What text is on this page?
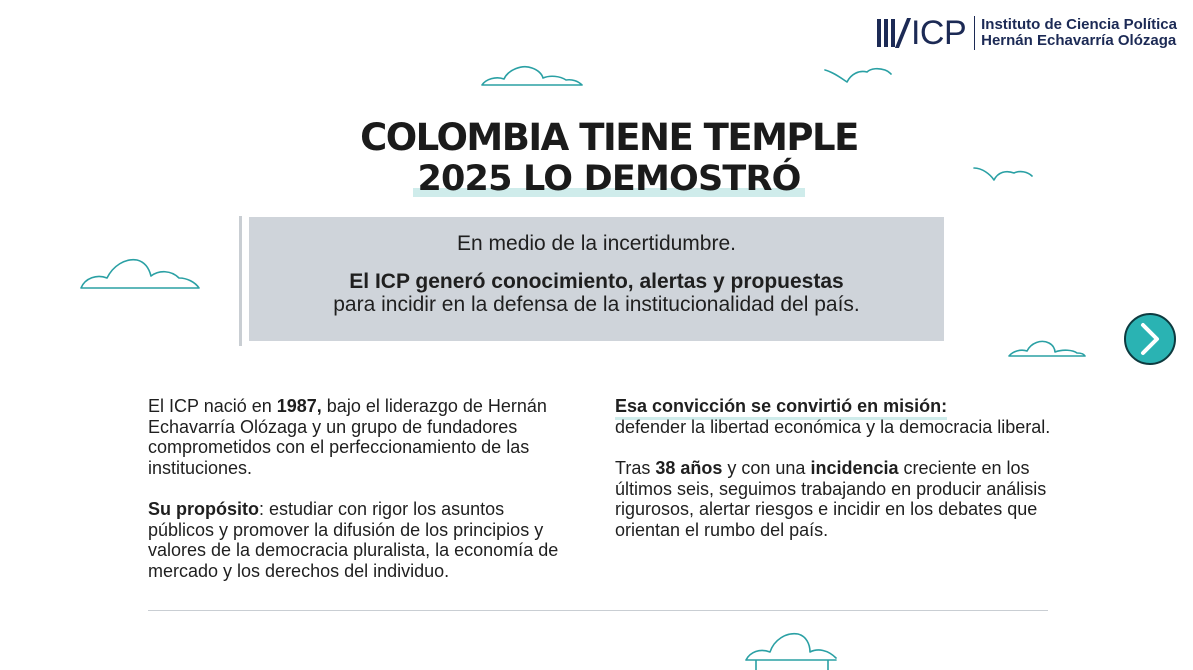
ICP	Instituto de Ciencia Política
Hernán Echavarría Olózaga
COLOMBIA TIENE TEMPLE
2025 LO DEMOSTRÓ
En medio de la incertidumbre.
El ICP generó conocimiento, alertas y propuestas
para incidir en la defensa de la institucionalidad del país.

El ICP nació en 1987, bajo el liderazgo de Hernán Echavarría Olózaga y un grupo de fundadores comprometidos con el perfeccionamiento de las instituciones.

Su propósito: estudiar con rigor los asuntos públicos y promover la difusión de los principios y valores de la democracia pluralista, la economía de mercado y los derechos del individuo.

Esa convicción se convirtió en misión:
defender la libertad económica y la democracia liberal.

Tras 38 años y con una incidencia creciente en los últimos seis, seguimos trabajando en producir análisis rigurosos, alertar riesgos e incidir en los debates que orientan el rumbo del país.
